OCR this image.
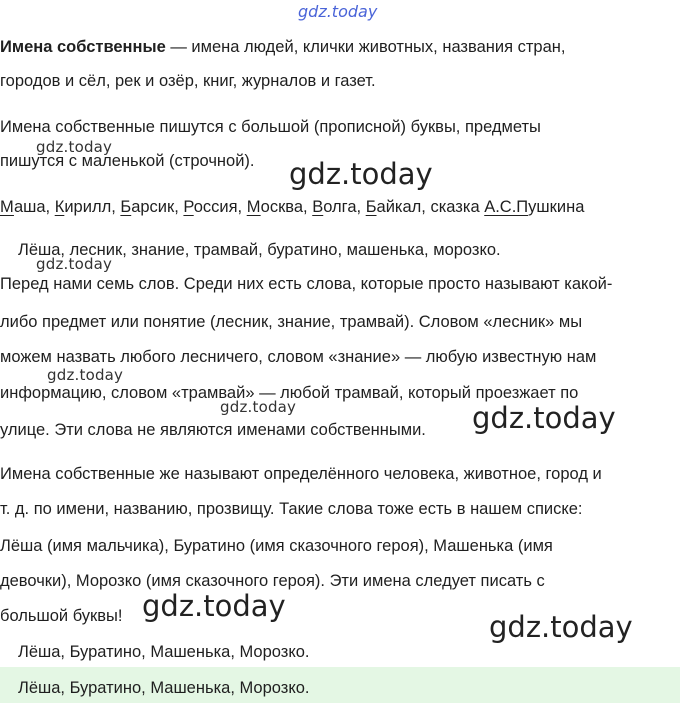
gdz.today
Имена собственные — имена людей, клички животных, названия стран,
городов и сёл, рек и озёр, книг, журналов и газет.
Имена собственные пишутся с большой (прописной) буквы, предметы
пишутся с маленькой (строчной).
Маша, Кирилл, Барсик, Россия, Москва, Волга, Байкал, сказка А.С.Пушкина
Лёша, лесник, знание, трамвай, буратино, машенька, морозко.
Перед нами семь слов. Среди них есть слова, которые просто называют какой-
либо предмет или понятие (лесник, знание, трамвай). Словом «лесник» мы
можем назвать любого лесничего, словом «знание» — любую известную нам
информацию, словом «трамвай» — любой трамвай, который проезжает по
улице. Эти слова не являются именами собственными.
Имена собственные же называют определённого человека, животное, город и
т. д. по имени, названию, прозвищу. Такие слова тоже есть в нашем списке:
Лёша (имя мальчика), Буратино (имя сказочного героя), Машенька (имя
девочки), Морозко (имя сказочного героя). Эти имена следует писать с
большой буквы!
Лёша, Буратино, Машенька, Морозко.
Лёша, Буратино, Машенька, Морозко.
gdz.today
gdz.today
gdz.today
gdz.today
gdz.today	gdz.today
gdz.today
gdz.today
